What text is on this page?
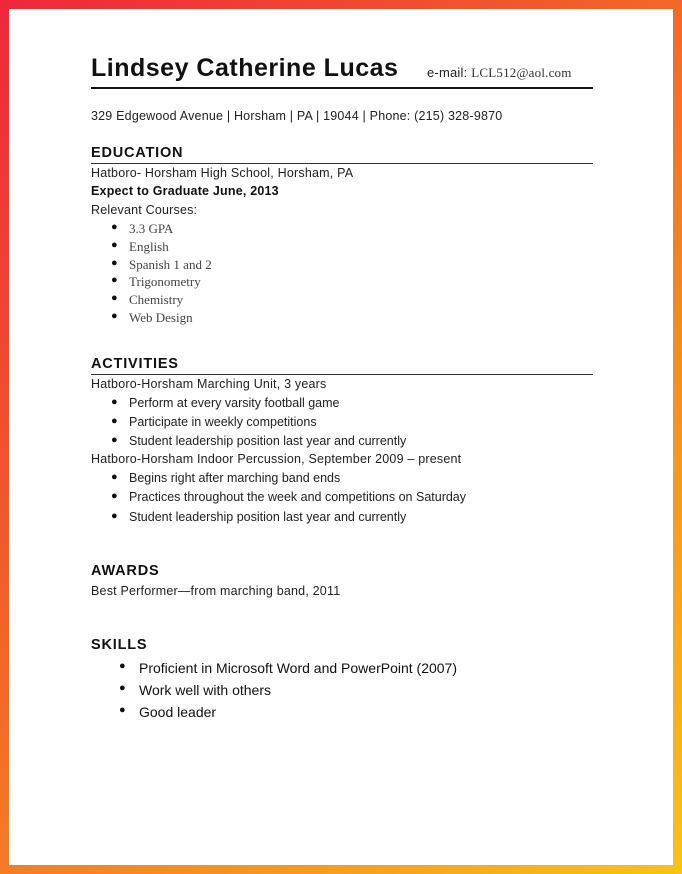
Lindsey Catherine Lucas e-mail: LCL512@aol.com
329 Edgewood Avenue | Horsham | PA | 19044 | Phone: (215) 328-9870
EDUCATION
Hatboro- Horsham High School, Horsham, PA
Expect to Graduate June, 2013
Relevant Courses:
● 3.3 GPA
● English
● Spanish 1 and 2
● Trigonometry
● Chemistry
● Web Design
ACTIVITIES
Hatboro-Horsham Marching Unit, 3 years
● Perform at every varsity football game
● Participate in weekly competitions
● Student leadership position last year and currently
Hatboro-Horsham Indoor Percussion, September 2009 – present
● Begins right after marching band ends
● Practices throughout the week and competitions on Saturday
● Student leadership position last year and currently
AWARDS
Best Performer—from marching band, 2011
SKILLS
● Proficient in Microsoft Word and PowerPoint (2007)
● Work well with others
● Good leader
